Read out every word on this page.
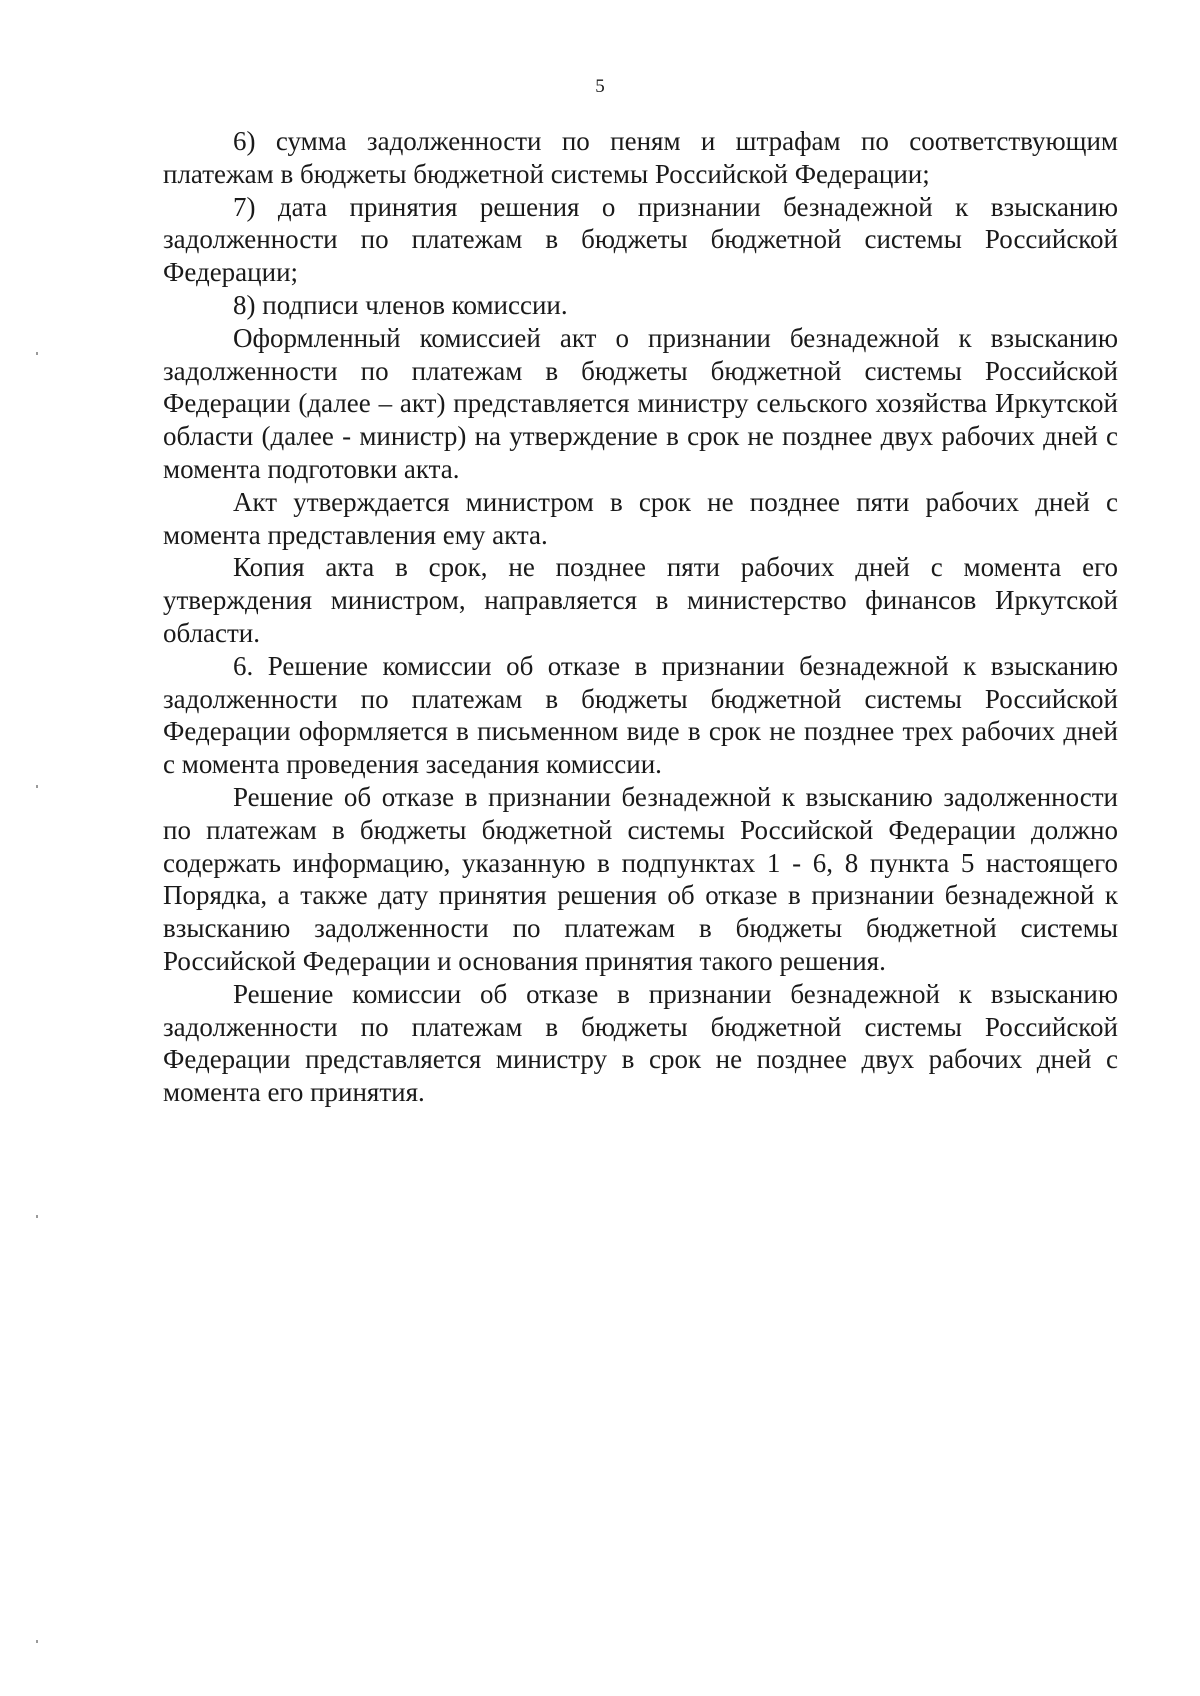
5

6) сумма задолженности по пеням и штрафам по соответствующим платежам в бюджеты бюджетной системы Российской Федерации;

7) дата принятия решения о признании безнадежной к взысканию задолженности по платежам в бюджеты бюджетной системы Российской Федерации;

8) подписи членов комиссии.

Оформленный комиссией акт о признании безнадежной к взысканию задолженности по платежам в бюджеты бюджетной системы Российской Федерации (далее – акт) представляется министру сельского хозяйства Иркутской области (далее - министр) на утверждение в срок не позднее двух рабочих дней с момента подготовки акта.

Акт утверждается министром в срок не позднее пяти рабочих дней с момента представления ему акта.

Копия акта в срок, не позднее пяти рабочих дней с момента его утверждения министром, направляется в министерство финансов Иркутской области.

6. Решение комиссии об отказе в признании безнадежной к взысканию задолженности по платежам в бюджеты бюджетной системы Российской Федерации оформляется в письменном виде в срок не позднее трех рабочих дней с момента проведения заседания комиссии.

Решение об отказе в признании безнадежной к взысканию задолженности по платежам в бюджеты бюджетной системы Российской Федерации должно содержать информацию, указанную в подпунктах 1 - 6, 8 пункта 5 настоящего Порядка, а также дату принятия решения об отказе в признании безнадежной к взысканию задолженности по платежам в бюджеты бюджетной системы Российской Федерации и основания принятия такого решения.

Решение комиссии об отказе в признании безнадежной к взысканию задолженности по платежам в бюджеты бюджетной системы Российской Федерации представляется министру в срок не позднее двух рабочих дней с момента его принятия.
